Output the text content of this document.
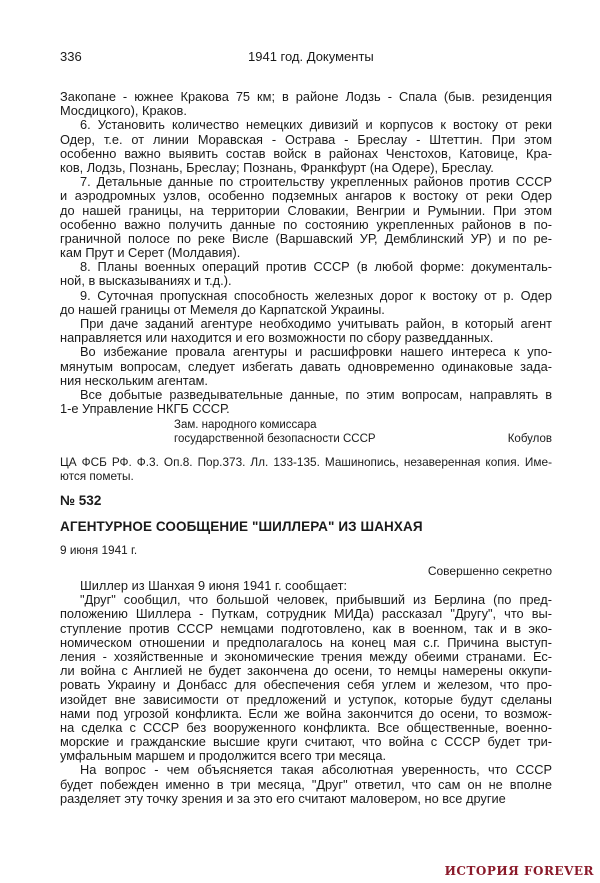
336	1941 год. Документы
Закопане - южнее Кракова 75 км; в районе Лодзь - Спала (быв. резиденция
Мосдицкого), Краков.
6. Установить количество немецких дивизий и корпусов к востоку от реки
Одер, т.е. от линии Моравская - Острава - Бреслау - Штеттин. При этом
особенно важно выявить состав войск в районах Ченстохов, Катовице, Кра-
ков, Лодзь, Познань, Бреслау; Познань, Франкфурт (на Одере), Бреслау.
7. Детальные данные по строительству укрепленных районов против СССР
и аэродромных узлов, особенно подземных ангаров к востоку от реки Одер
до нашей границы, на территории Словакии, Венгрии и Румынии. При этом
особенно важно получить данные по состоянию укрепленных районов в по-
граничной полосе по реке Висле (Варшавский УР, Демблинский УР) и по ре-
кам Прут и Серет (Молдавия).
8. Планы военных операций против СССР (в любой форме: документаль-
ной, в высказываниях и т.д.).
9. Суточная пропускная способность железных дорог к востоку от р. Одер
до нашей границы от Мемеля до Карпатской Украины.
При даче заданий агентуре необходимо учитывать район, в который агент
направляется или находится и его возможности по сбору разведданных.
Во избежание провала агентуры и расшифровки нашего интереса к упо-
мянутым вопросам, следует избегать давать одновременно одинаковые зада-
ния нескольким агентам.
Все добытые разведывательные данные, по этим вопросам, направлять в
1-е Управление НКГБ СССР.
Зам. народного комиссара
государственной безопасности СССР	Кобулов
ЦА ФСБ РФ. Ф.3. Оп.8. Пор.373. Лл. 133-135. Машинопись, незаверенная копия. Име-
ются пометы.
№ 532
АГЕНТУРНОЕ СООБЩЕНИЕ "ШИЛЛЕРА" ИЗ ШАНХАЯ
9 июня 1941 г.
Совершенно секретно
Шиллер из Шанхая 9 июня 1941 г. сообщает:
"Друг" сообщил, что большой человек, прибывший из Берлина (по пред-
положению Шиллера - Путкам, сотрудник МИДа) рассказал "Другу", что вы-
ступление против СССР немцами подготовлено, как в военном, так и в эко-
номическом отношении и предполагалось на конец мая с.г. Причина выступ-
ления - хозяйственные и экономические трения между обеими странами. Ес-
ли война с Англией не будет закончена до осени, то немцы намерены оккупи-
ровать Украину и Донбасс для обеспечения себя углем и железом, что про-
изойдет вне зависимости от предложений и уступок, которые будут сделаны
нами под угрозой конфликта. Если же война закончится до осени, то возмож-
на сделка с СССР без вооруженного конфликта. Все общественные, военно-
морские и гражданские высшие круги считают, что война с СССР будет три-
умфальным маршем и продолжится всего три месяца.
На вопрос - чем объясняется такая абсолютная уверенность, что СССР
будет побежден именно в три месяца, "Друг" ответил, что сам он не вполне
разделяет эту точку зрения и за это его считают маловером, но все другие
ИСТОРИЯ FOREVER
